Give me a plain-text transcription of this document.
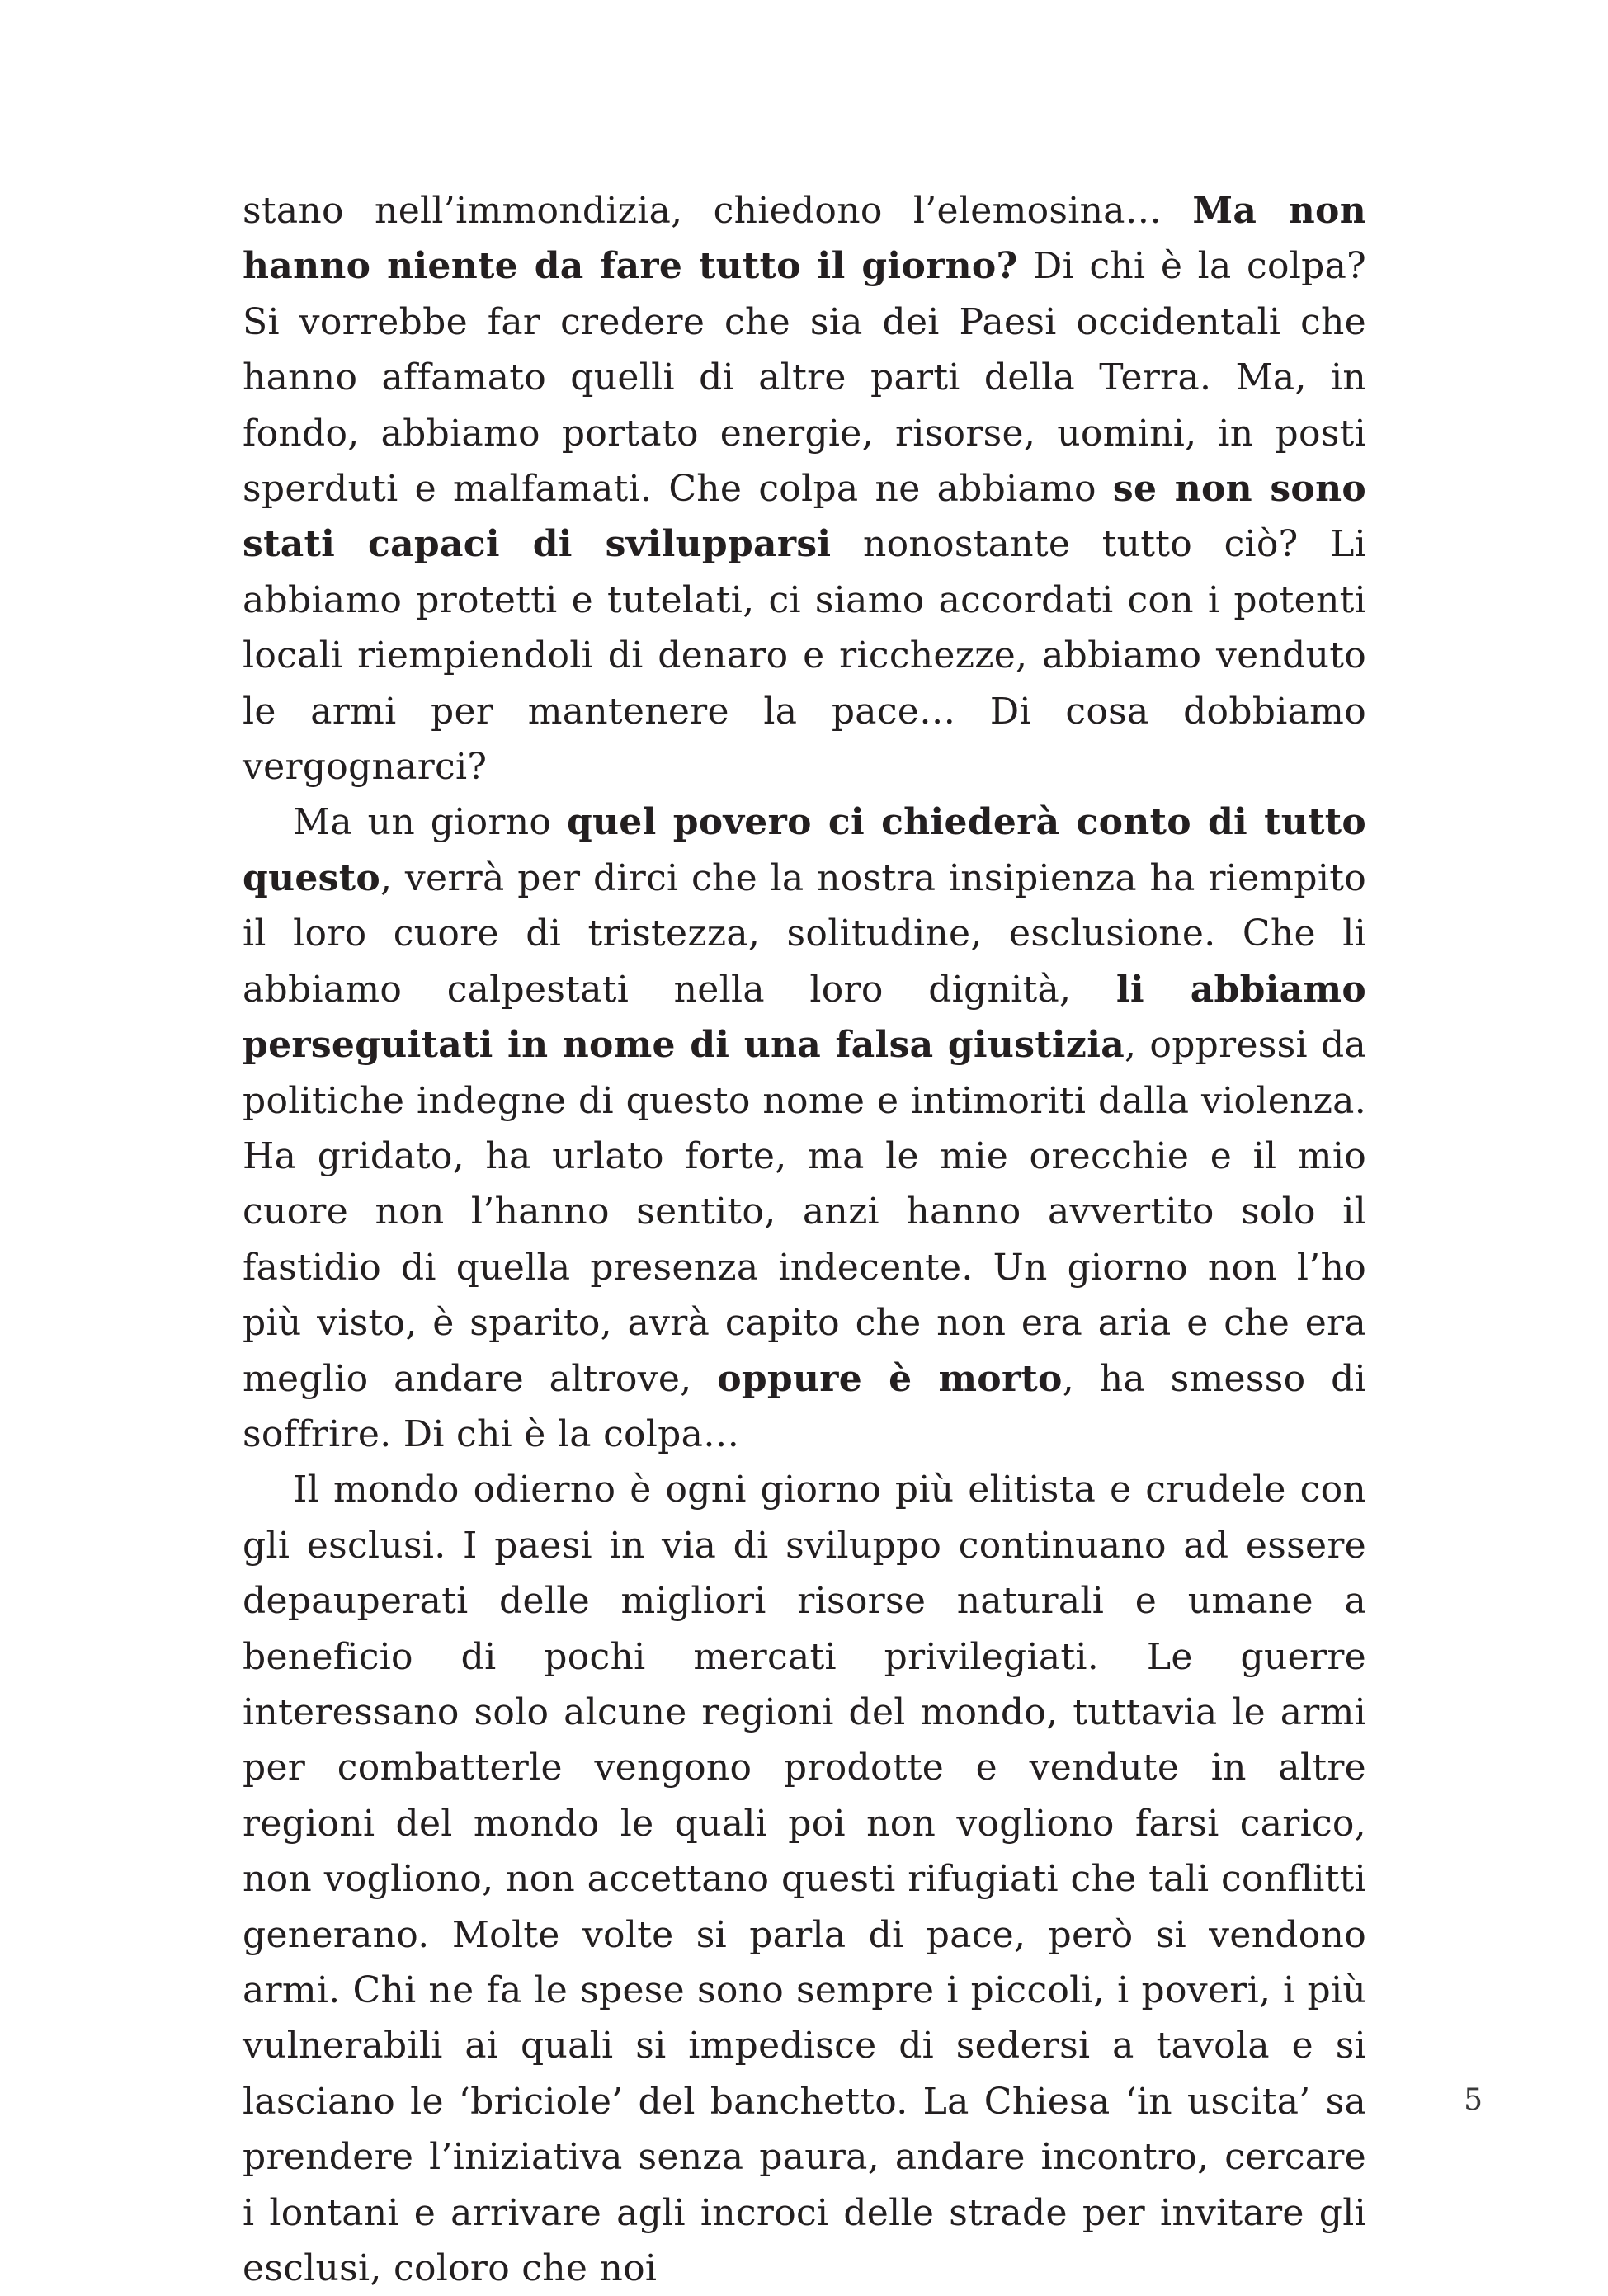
stano nell’immondizia, chiedono l’elemosina… Ma non hanno niente da fare tutto il giorno? Di chi è la colpa? Si vorrebbe far credere che sia dei Paesi occidentali che hanno affamato quelli di altre parti della Terra. Ma, in fondo, abbiamo portato energie, risorse, uomini, in posti sperduti e malfamati. Che colpa ne abbiamo se non sono stati capaci di svilupparsi nonostante tutto ciò? Li abbiamo protetti e tutelati, ci siamo accordati con i potenti locali riempiendoli di denaro e ricchezze, abbiamo venduto le armi per mantenere la pace… Di cosa dobbiamo vergognarci?

Ma un giorno quel povero ci chiederà conto di tutto questo, verrà per dirci che la nostra insipienza ha riempito il loro cuore di tristezza, solitudine, esclusione. Che li abbiamo calpestati nella loro dignità, li abbiamo perseguitati in nome di una falsa giustizia, oppressi da politiche indegne di questo nome e intimoriti dalla violenza. Ha gridato, ha urlato forte, ma le mie orecchie e il mio cuore non l’hanno sentito, anzi hanno avvertito solo il fastidio di quella presenza indecente. Un giorno non l’ho più visto, è sparito, avrà capito che non era aria e che era meglio andare altrove, oppure è morto, ha smesso di soffrire. Di chi è la colpa…

Il mondo odierno è ogni giorno più elitista e crudele con gli esclusi. I paesi in via di sviluppo continuano ad essere depauperati delle migliori risorse naturali e umane a beneficio di pochi mercati privilegiati. Le guerre interessano solo alcune regioni del mondo, tuttavia le armi per combatterle vengono prodotte e vendute in altre regioni del mondo le quali poi non vogliono farsi carico, non vogliono, non accettano questi rifugiati che tali conflitti generano. Molte volte si parla di pace, però si vendono armi. Chi ne fa le spese sono sempre i piccoli, i poveri, i più vulnerabili ai quali si impedisce di sedersi a tavola e si lasciano le ‘briciole’ del banchetto. La Chiesa ‘in uscita’ sa prendere l’iniziativa senza paura, andare incontro, cercare i lontani e arrivare agli incroci delle strade per invitare gli esclusi, coloro che noi

5
